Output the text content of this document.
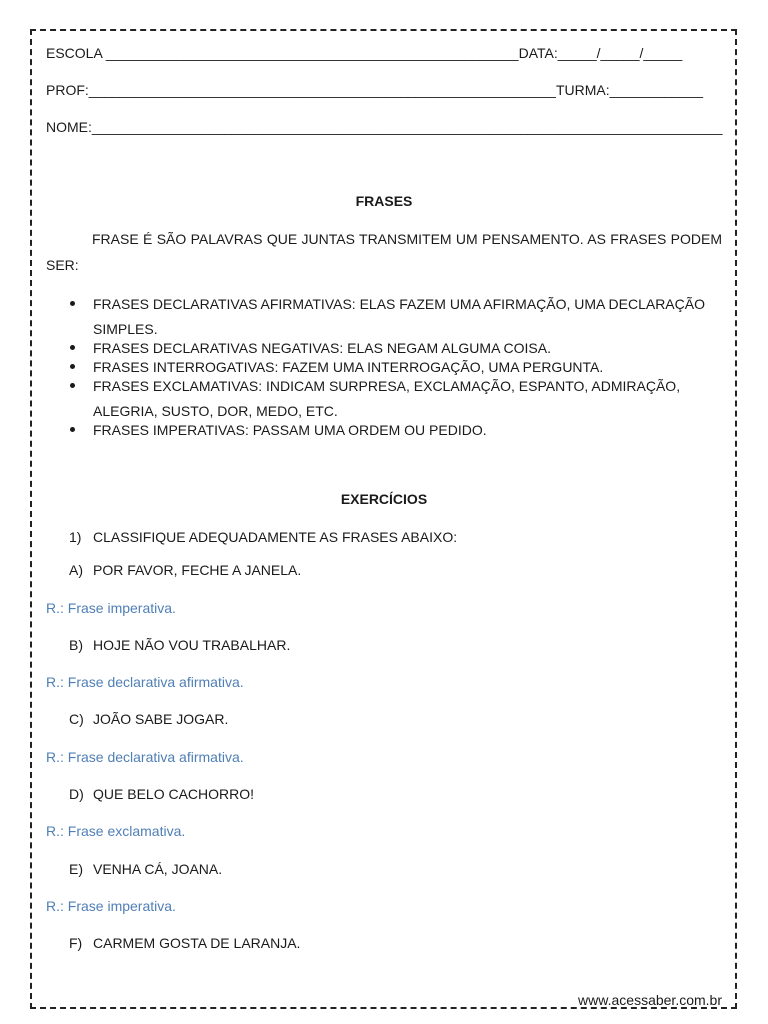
ESCOLA _____________________________________________________DATA:_____/_____/_____
PROF:____________________________________________________________TURMA:____________
NOME:_________________________________________________________________________________
FRASES
FRASE É SÃO PALAVRAS QUE JUNTAS TRANSMITEM UM PENSAMENTO. AS FRASES PODEM SER:
FRASES DECLARATIVAS AFIRMATIVAS: ELAS FAZEM UMA AFIRMAÇÃO, UMA DECLARAÇÃO SIMPLES.
FRASES DECLARATIVAS NEGATIVAS: ELAS NEGAM ALGUMA COISA.
FRASES INTERROGATIVAS: FAZEM UMA INTERROGAÇÃO, UMA PERGUNTA.
FRASES EXCLAMATIVAS: INDICAM SURPRESA, EXCLAMAÇÃO, ESPANTO, ADMIRAÇÃO, ALEGRIA, SUSTO, DOR, MEDO, ETC.
FRASES IMPERATIVAS: PASSAM UMA ORDEM OU PEDIDO.
EXERCÍCIOS
1) CLASSIFIQUE ADEQUADAMENTE AS FRASES ABAIXO:
A) POR FAVOR, FECHE A JANELA.
R.: Frase imperativa.
B) HOJE NÃO VOU TRABALHAR.
R.: Frase declarativa afirmativa.
C) JOÃO SABE JOGAR.
R.: Frase declarativa afirmativa.
D) QUE BELO CACHORRO!
R.: Frase exclamativa.
E) VENHA CÁ, JOANA.
R.: Frase imperativa.
F) CARMEM GOSTA DE LARANJA.
www.acessaber.com.br
